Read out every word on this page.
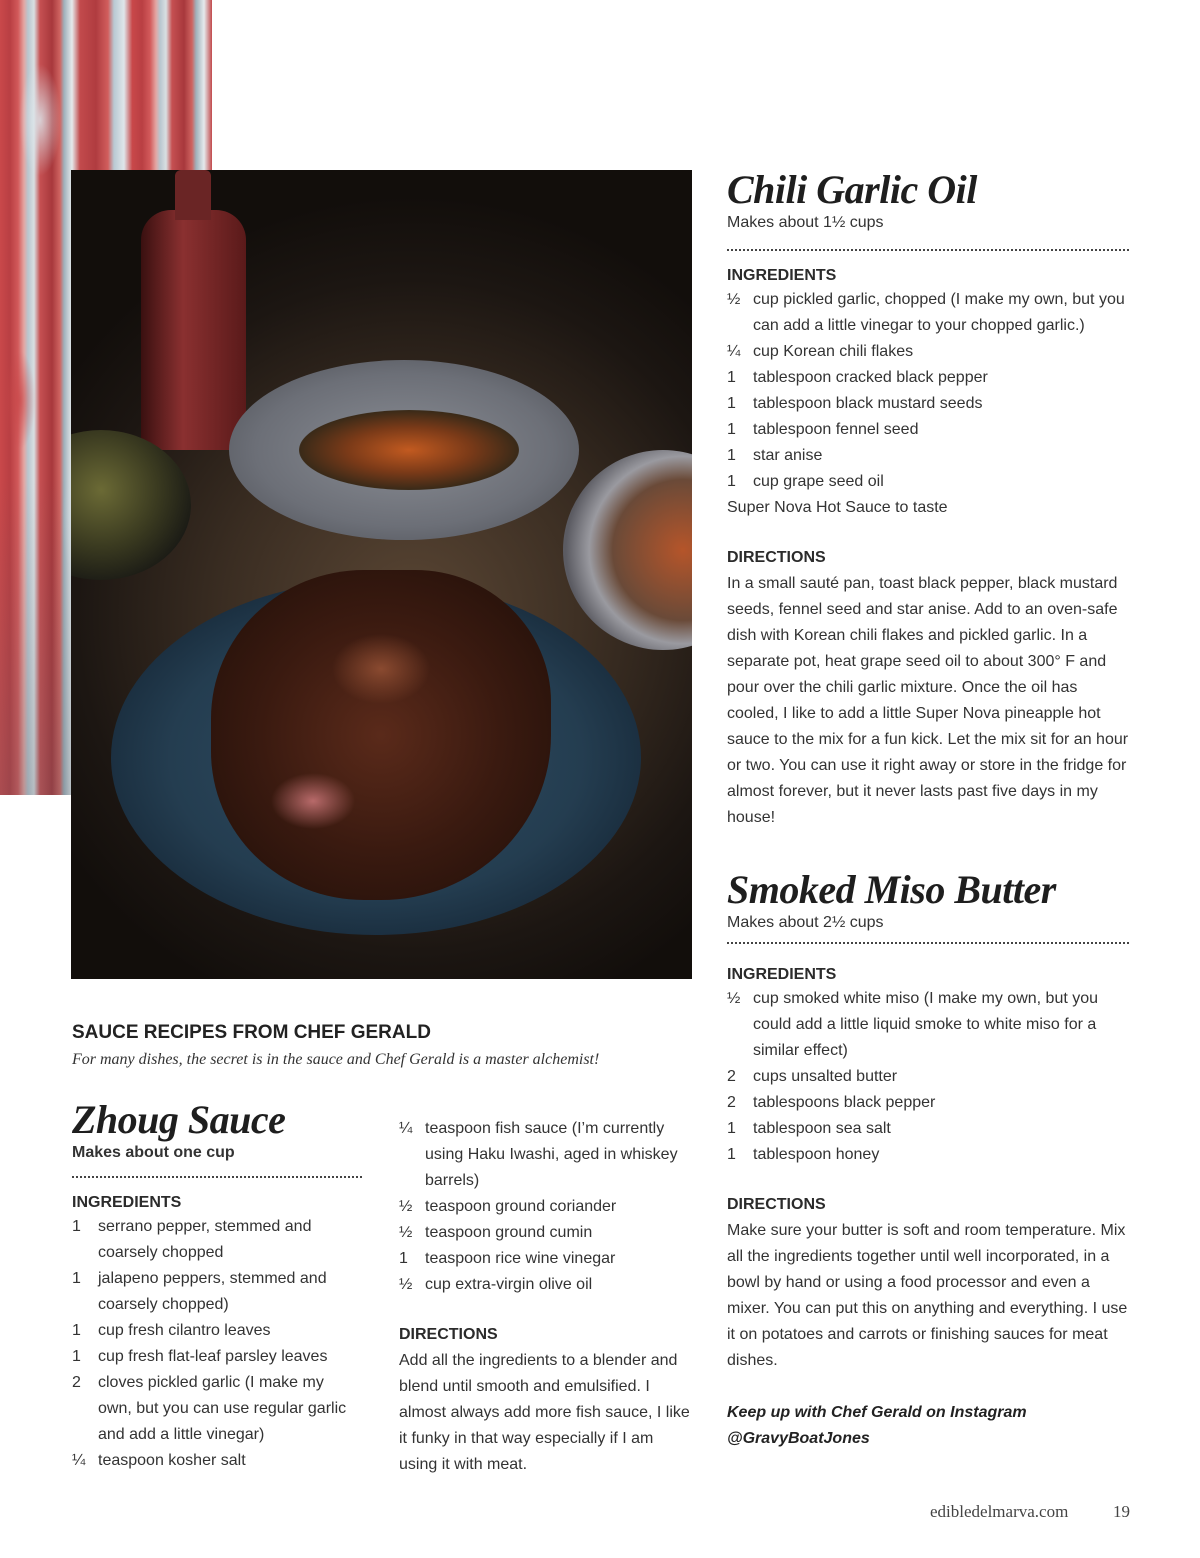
SAUCE RECIPES FROM CHEF GERALD

For many dishes, the secret is in the sauce and Chef Gerald is a master alchemist!

Zhoug Sauce

Makes about one cup

INGREDIENTS

1	serrano pepper, stemmed and coarsely chopped
1	jalapeno peppers, stemmed and coarsely chopped)
1	cup fresh cilantro leaves
1	cup fresh flat-leaf parsley leaves
2	cloves pickled garlic (I make my own, but you can use regular garlic and add a little vinegar)
¼ teaspoon kosher salt
¼ teaspoon fish sauce (I’m currently using Haku Iwashi, aged in whiskey barrels)
½ teaspoon ground coriander
½ teaspoon ground cumin
1	teaspoon rice wine vinegar
½ cup extra-virgin olive oil

DIRECTIONS

Add all the ingredients to a blender and blend until smooth and emulsified. I almost always add more fish sauce, I like it funky in that way especially if I am using it with meat.

Chili Garlic Oil

Makes about 1½ cups

INGREDIENTS

½ cup pickled garlic, chopped (I make my own, but you can add a little vinegar to your chopped garlic.)
¼ cup Korean chili flakes
1	tablespoon cracked black pepper
1	tablespoon black mustard seeds
1	tablespoon fennel seed
1	star anise
1	cup grape seed oil

Super Nova Hot Sauce to taste

DIRECTIONS

In a small sauté pan, toast black pepper, black mustard seeds, fennel seed and star anise. Add to an oven-safe dish with Korean chili flakes and pickled garlic. In a separate pot, heat grape seed oil to about 300° F and pour over the chili garlic mixture. Once the oil has cooled, I like to add a little Super Nova pineapple hot sauce to the mix for a fun kick. Let the mix sit for an hour or two. You can use it right away or store in the fridge for almost forever, but it never lasts past five days in my house!

Smoked Miso Butter

Makes about 2½ cups

INGREDIENTS

½ cup smoked white miso (I make my own, but you could add a little liquid smoke to white miso for a similar effect)
2	cups unsalted butter
2	tablespoons black pepper
1	tablespoon sea salt
1	tablespoon honey

DIRECTIONS

Make sure your butter is soft and room temperature. Mix all the ingredients together until well incorporated, in a bowl by hand or using a food processor and even a mixer. You can put this on anything and everything. I use it on potatoes and carrots or finishing sauces for meat dishes.

Keep up with Chef Gerald on Instagram

@GravyBoatJones

edibledelmarva.com	19
